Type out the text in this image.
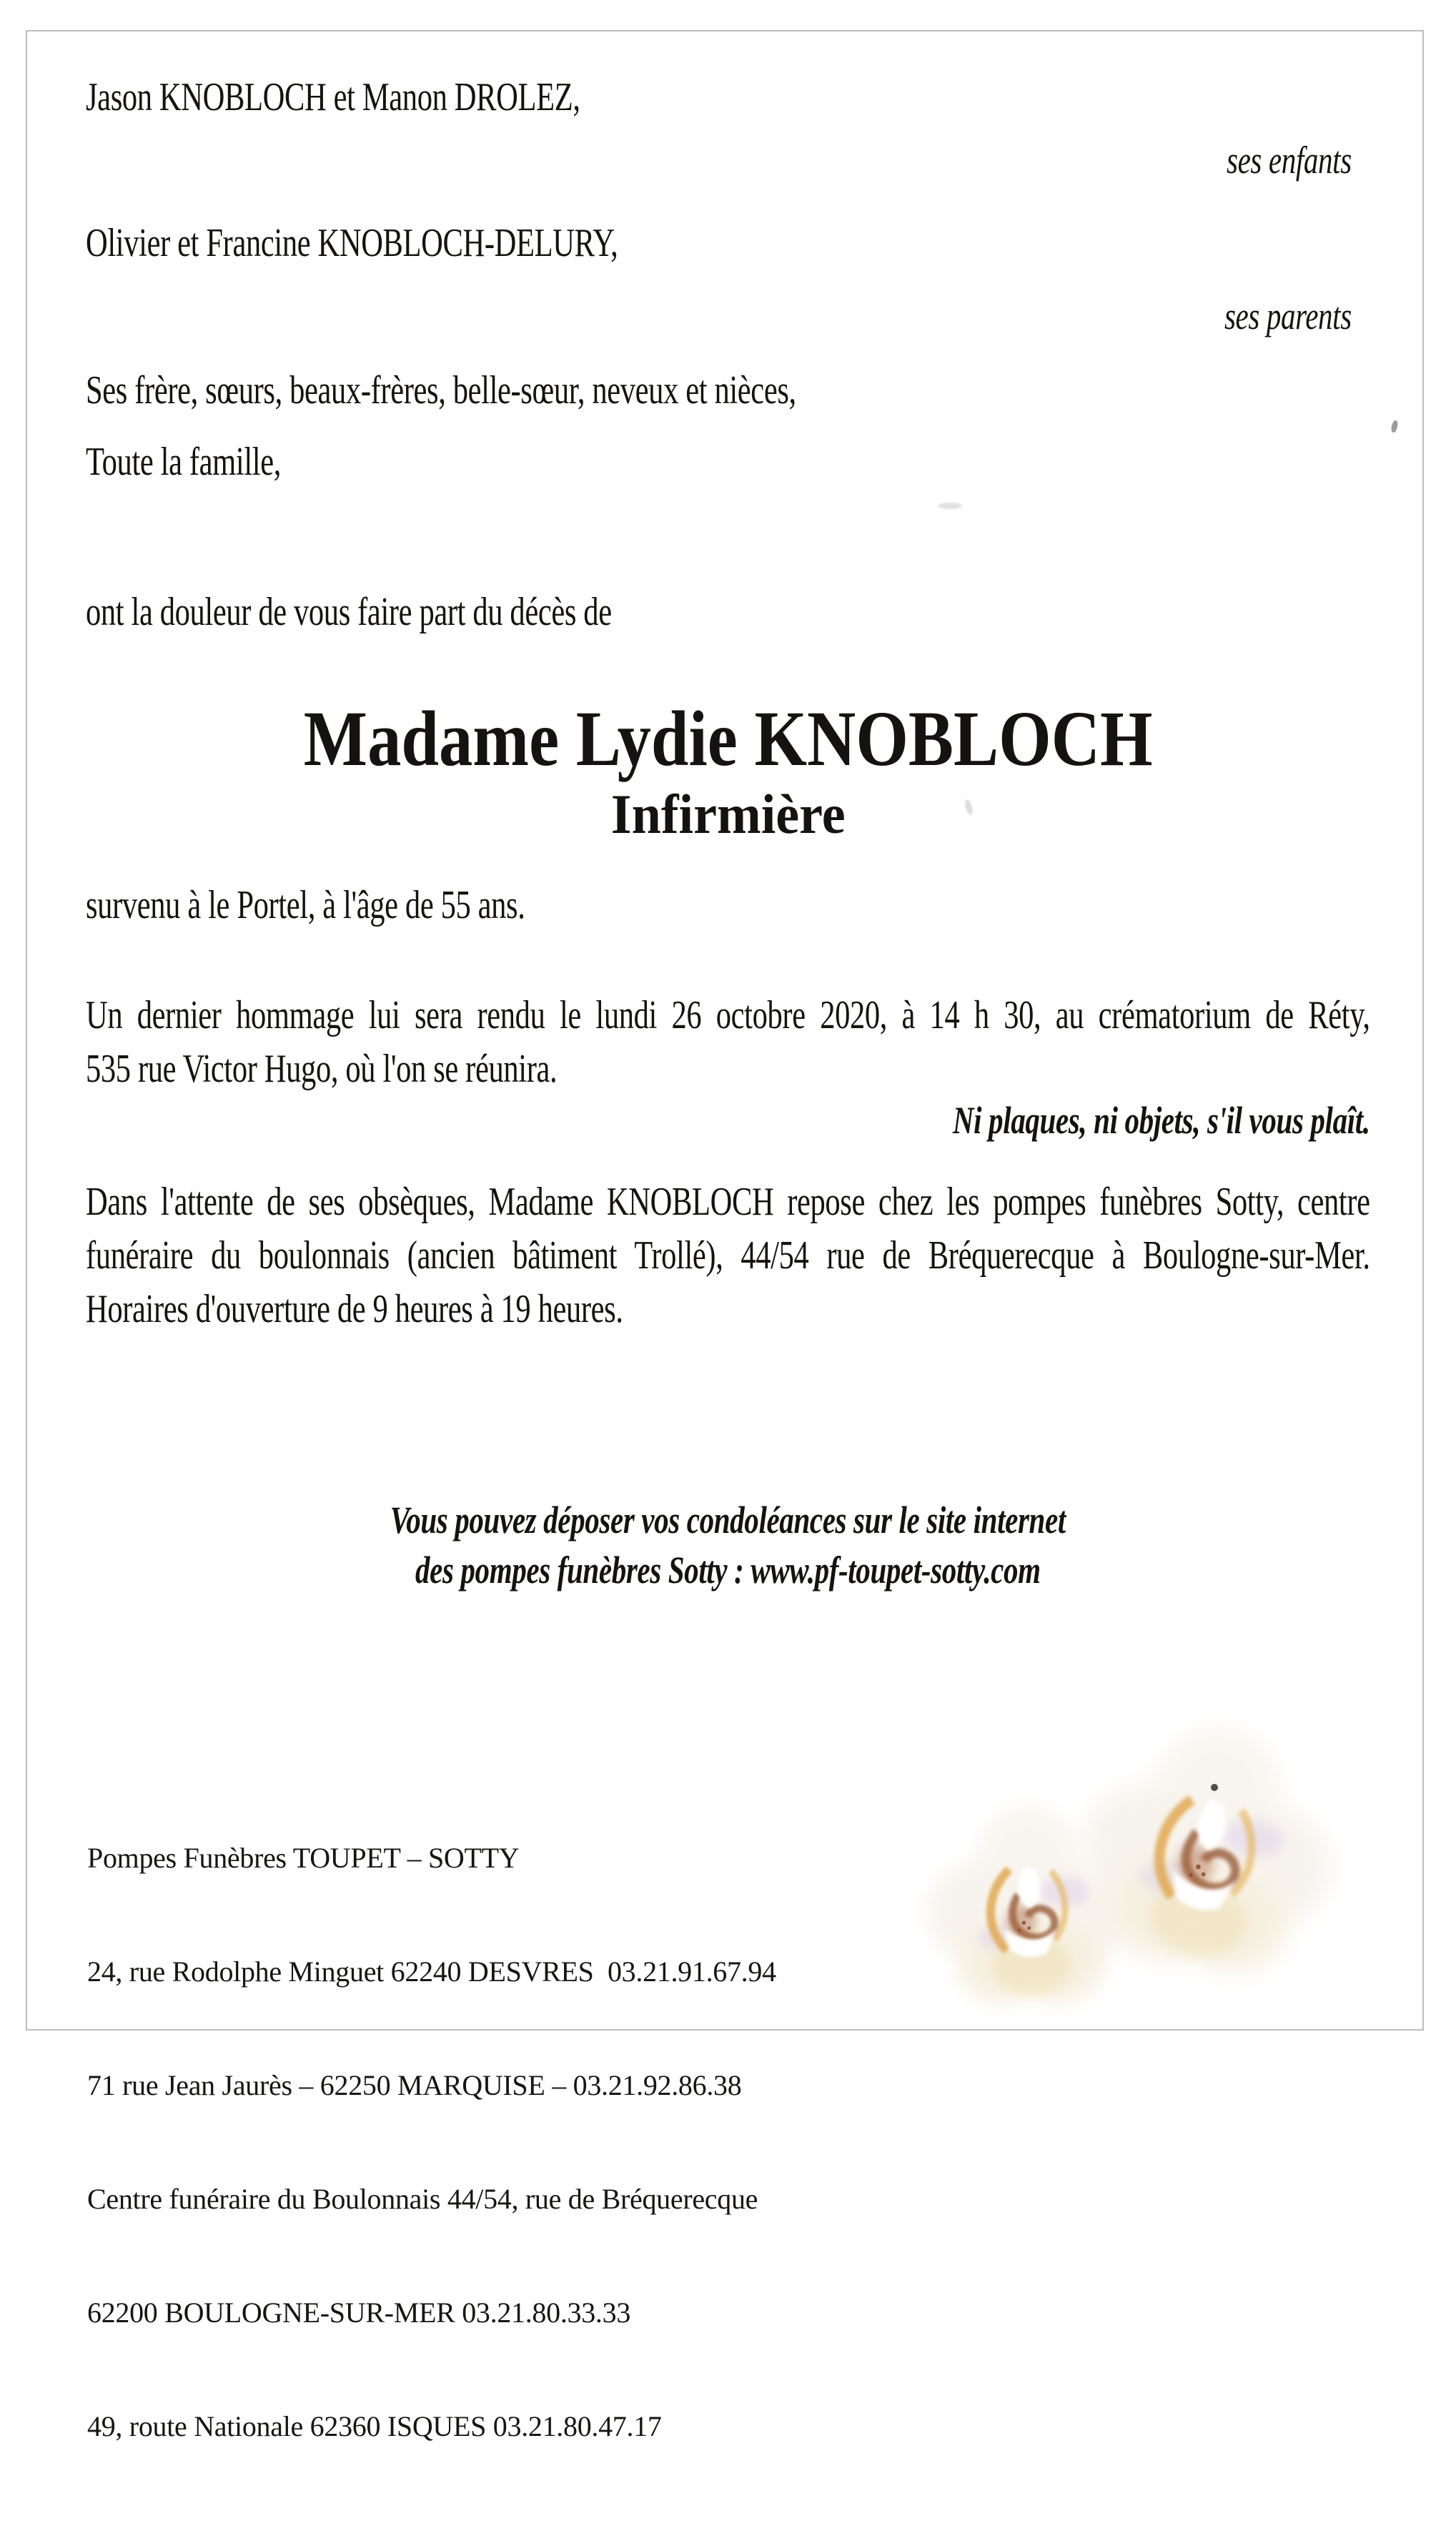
Jason KNOBLOCH et Manon DROLEZ,
ses enfants
Olivier et Francine KNOBLOCH-DELURY,
ses parents
Ses frère, sœurs, beaux-frères, belle-sœur, neveux et nièces,
Toute la famille,
ont la douleur de vous faire part du décès de
Madame Lydie KNOBLOCH
Infirmière
survenu à le Portel, à l'âge de 55 ans.
Un dernier hommage lui sera rendu le lundi 26 octobre 2020, à 14 h 30, au crématorium de Réty,
535 rue Victor Hugo, où l'on se réunira.
Ni plaques, ni objets, s'il vous plaît.
Dans l'attente de ses obsèques, Madame KNOBLOCH repose chez les pompes funèbres Sotty, centre
funéraire du boulonnais (ancien bâtiment Trollé), 44/54 rue de Bréquerecque à Boulogne-sur-Mer.
Horaires d'ouverture de 9 heures à 19 heures.
Vous pouvez déposer vos condoléances sur le site internet
des pompes funèbres Sotty : www.pf-toupet-sotty.com

Pompes Funèbres TOUPET – SOTTY

24, rue Rodolphe Minguet 62240 DESVRES  03.21.91.67.94

71 rue Jean Jaurès – 62250 MARQUISE – 03.21.92.86.38

Centre funéraire du Boulonnais 44/54, rue de Bréquerecque

62200 BOULOGNE-SUR-MER 03.21.80.33.33

49, route Nationale 62360 ISQUES 03.21.80.47.17
